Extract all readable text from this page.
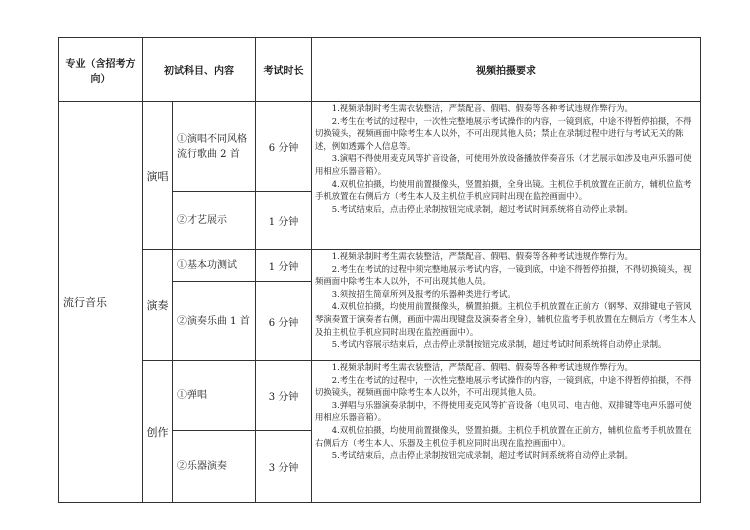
专业（含招考方向）	初试科目、内容		考试时长	视频拍摄要求
流行音乐	演唱	①演唱不同风格流行歌曲 2 首	6 分钟	1.视频录制时考生需衣装整洁，严禁配音、假唱、假奏等各种考试违规作弊行为。

2.考生在考试的过程中，一次性完整地展示考试操作的内容，一镜到底，中途不得暂停拍摄，不得切换镜头，视频画面中除考生本人以外，不可出现其他人员；禁止在录制过程中进行与考试无关的陈述，例如透露个人信息等。

3.演唱不得使用麦克风等扩音设备，可使用外放设备播放伴奏音乐（才艺展示如涉及电声乐器可使用相应乐器音箱）。

4.双机位拍摄，均使用前置摄像头，竖置拍摄，全身出镜。主机位手机放置在正前方，辅机位监考手机放置在右侧后方（考生本人及主机位手机应同时出现在监控画面中）。

5.考试结束后，点击停止录制按钮完成录制，超过考试时间系统将自动停止录制。

		②才艺展示	1 分钟	
	演奏	①基本功测试	1 分钟	1.视频录制时考生需衣装整洁，严禁配音、假唱、假奏等各种考试违规作弊行为。

2.考生在考试的过程中须完整地展示考试内容，一镜到底，中途不得暂停拍摄，不得切换镜头，视频画面中除考生本人以外，不可出现其他人员。

3.须按招生简章所列及报考的乐器种类进行考试。

4.双机位拍摄，均使用前置摄像头，横置拍摄。主机位手机放置在正前方（钢琴、双排键电子管风琴演奏置于演奏者右侧，画面中需出现键盘及演奏者全身），辅机位监考手机放置在左侧后方（考生本人及拍主机位手机应同时出现在监控画面中）。

5.考试内容展示结束后，点击停止录制按钮完成录制，超过考试时间系统将自动停止录制。

		②演奏乐曲 1 首	6 分钟	
	创作	①弹唱	3 分钟	1.视频录制时考生需衣装整洁，严禁配音、假唱、假奏等各种考试违规作弊行为。

2.考生在考试的过程中，一次性完整地展示考试操作的内容，一镜到底，中途不得暂停拍摄，不得切换镜头，视频画面中除考生本人以外，不可出现其他人员。

3.弹唱与乐器演奏录制中，不得使用麦克风等扩音设备（电贝司、电吉他、双排键等电声乐器可使用相应乐器音箱）。

4.双机位拍摄，均使用前置摄像头，竖置拍摄。主机位手机放置在正前方，辅机位监考手机放置在右侧后方（考生本人、乐器及主机位手机应同时出现在监控画面中）。

5.考试结束后，点击停止录制按钮完成录制，超过考试时间系统将自动停止录制。

		②乐器演奏	3 分钟	
